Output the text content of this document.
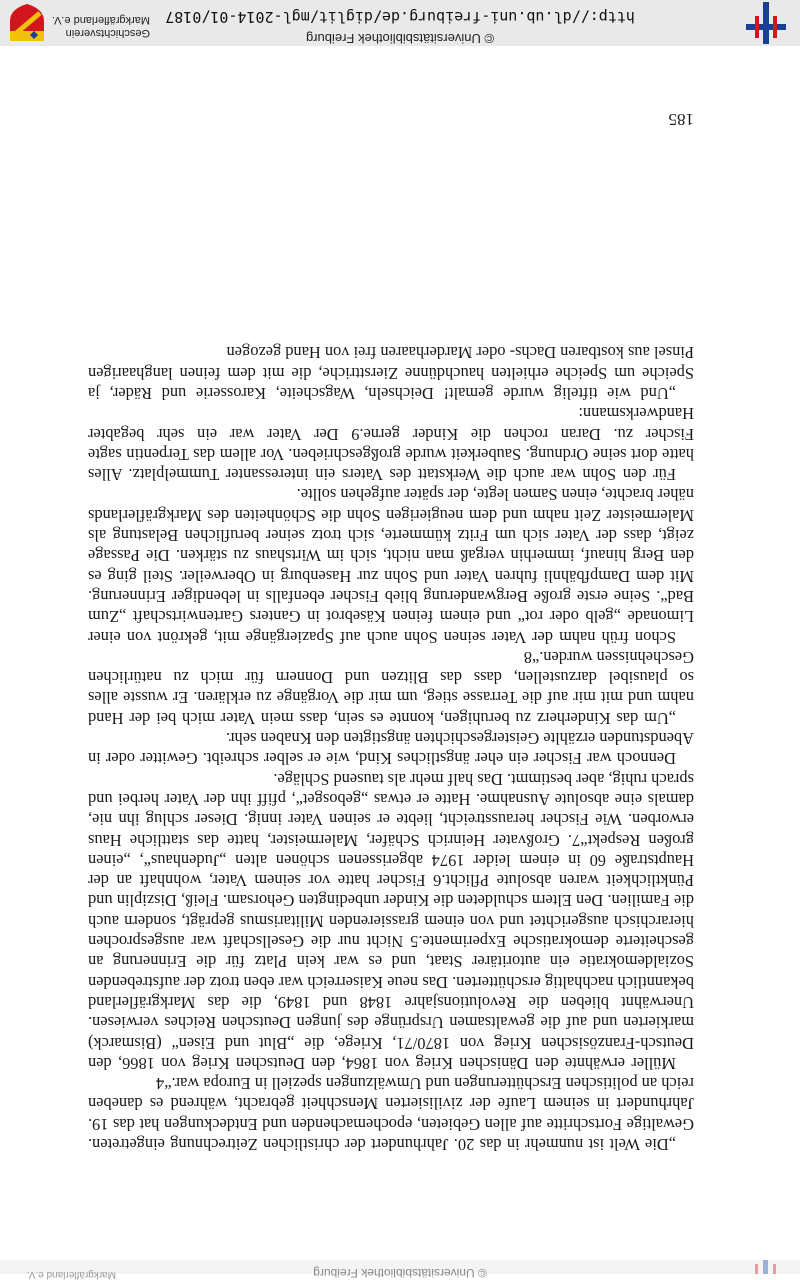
© Universitätsbibliothek Freiburg
http://dl.ub.uni-freiburg.de/diglit/mgl-2014-01/0187
Geschichtsverein
Markgräflerland e.V.
© Universitätsbibliothek Freiburg
Markgräflerland e.V.

„Die Welt ist nunmehr in das 20. Jahrhundert der christlichen Zeitrechnung eingetreten. Gewaltige Fortschritte auf allen Gebieten, epochemachenden und Entdeckungen hat das 19. Jahrhundert in seinem Laufe der zivilisierten Menschheit gebracht, während es daneben reich an politischen Erschütterungen und Umwälzungen speziell in Europa war.“4

Müller erwähnte den Dänischen Krieg von 1864, den Deutschen Krieg von 1866, den Deutsch-Französischen Krieg von 1870/71, Kriege, die „Blut und Eisen“ (Bismarck) markierten und auf die gewaltsamen Ursprünge des jungen Deutschen Reiches verwiesen. Unerwähnt blieben die Revolutionsjahre 1848 und 1849, die das Markgräflerland bekanntlich nachhaltig erschütterten. Das neue Kaiserreich war eben trotz der aufstrebenden Sozialdemokratie ein autoritärer Staat, und es war kein Platz für die Erinnerung an gescheiterte demokratische Experimente.5 Nicht nur die Gesellschaft war ausgesprochen hierarchisch ausgerichtet und von einem grassierenden Militarismus geprägt, sondern auch die Familien. Den Eltern schuldeten die Kinder unbedingten Gehorsam. Fleiß, Disziplin und Pünktlichkeit waren absolute Pflicht.6 Fischer hatte vor seinem Vater, wohnhaft an der Hauptstraße 60 in einem leider 1974 abgerissenen schönen alten „Judenhaus“, „einen großen Respekt“7. Großvater Heinrich Schäfer, Malermeister, hatte das stattliche Haus erworben. Wie Fischer herausstreicht, liebte er seinen Vater innig. Dieser schlug ihn nie, damals eine absolute Ausnahme. Hatte er etwas „gebosget“, pfiff ihn der Vater herbei und sprach ruhig, aber bestimmt. Das half mehr als tausend Schläge.

Dennoch war Fischer ein eher ängstliches Kind, wie er selber schreibt. Gewitter oder in Abendstunden erzählte Geistergeschichten ängstigten den Knaben sehr.

„Um das Kinderherz zu beruhigen, konnte es sein, dass mein Vater mich bei der Hand nahm und mit mir auf die Terrasse stieg, um mir die Vorgänge zu erklären. Er wusste alles so plausibel darzustellen, dass das Blitzen und Donnern für mich zu natürlichen Geschehnissen wurden.“8

Schon früh nahm der Vater seinen Sohn auch auf Spaziergänge mit, gekrönt von einer Limonade „gelb oder rot“ und einem feinen Käsebrot in Ganters Gartenwirtschaft „Zum Bad“. Seine erste große Bergwanderung blieb Fischer ebenfalls in lebendiger Erinnerung. Mit dem Dampfbähnli fuhren Vater und Sohn zur Hasenburg in Oberweiler. Steil ging es den Berg hinauf, immerhin vergaß man nicht, sich im Wirtshaus zu stärken. Die Passage zeigt, dass der Vater sich um Fritz kümmerte, sich trotz seiner beruflichen Belastung als Malermeister Zeit nahm und dem neugierigen Sohn die Schönheiten des Markgräflerlands näher brachte, einen Samen legte, der später aufgehen sollte.

Für den Sohn war auch die Werkstatt des Vaters ein interessanter Tummelplatz. Alles hatte dort seine Ordnung. Sauberkeit wurde großgeschrieben. Vor allem das Terpentin sagte Fischer zu. Daran rochen die Kinder gerne.9 Der Vater war ein sehr begabter Handwerksmann:

„Und wie tiftelig wurde gemalt! Deichseln, Wagscheite, Karosserie und Räder, ja Speiche um Speiche erhielten hauchdünne Ziersttriche, die mit dem feinen langhaarigen Pinsel aus kostbaren Dachs- oder Marderhaaren frei von Hand gezogen

185
